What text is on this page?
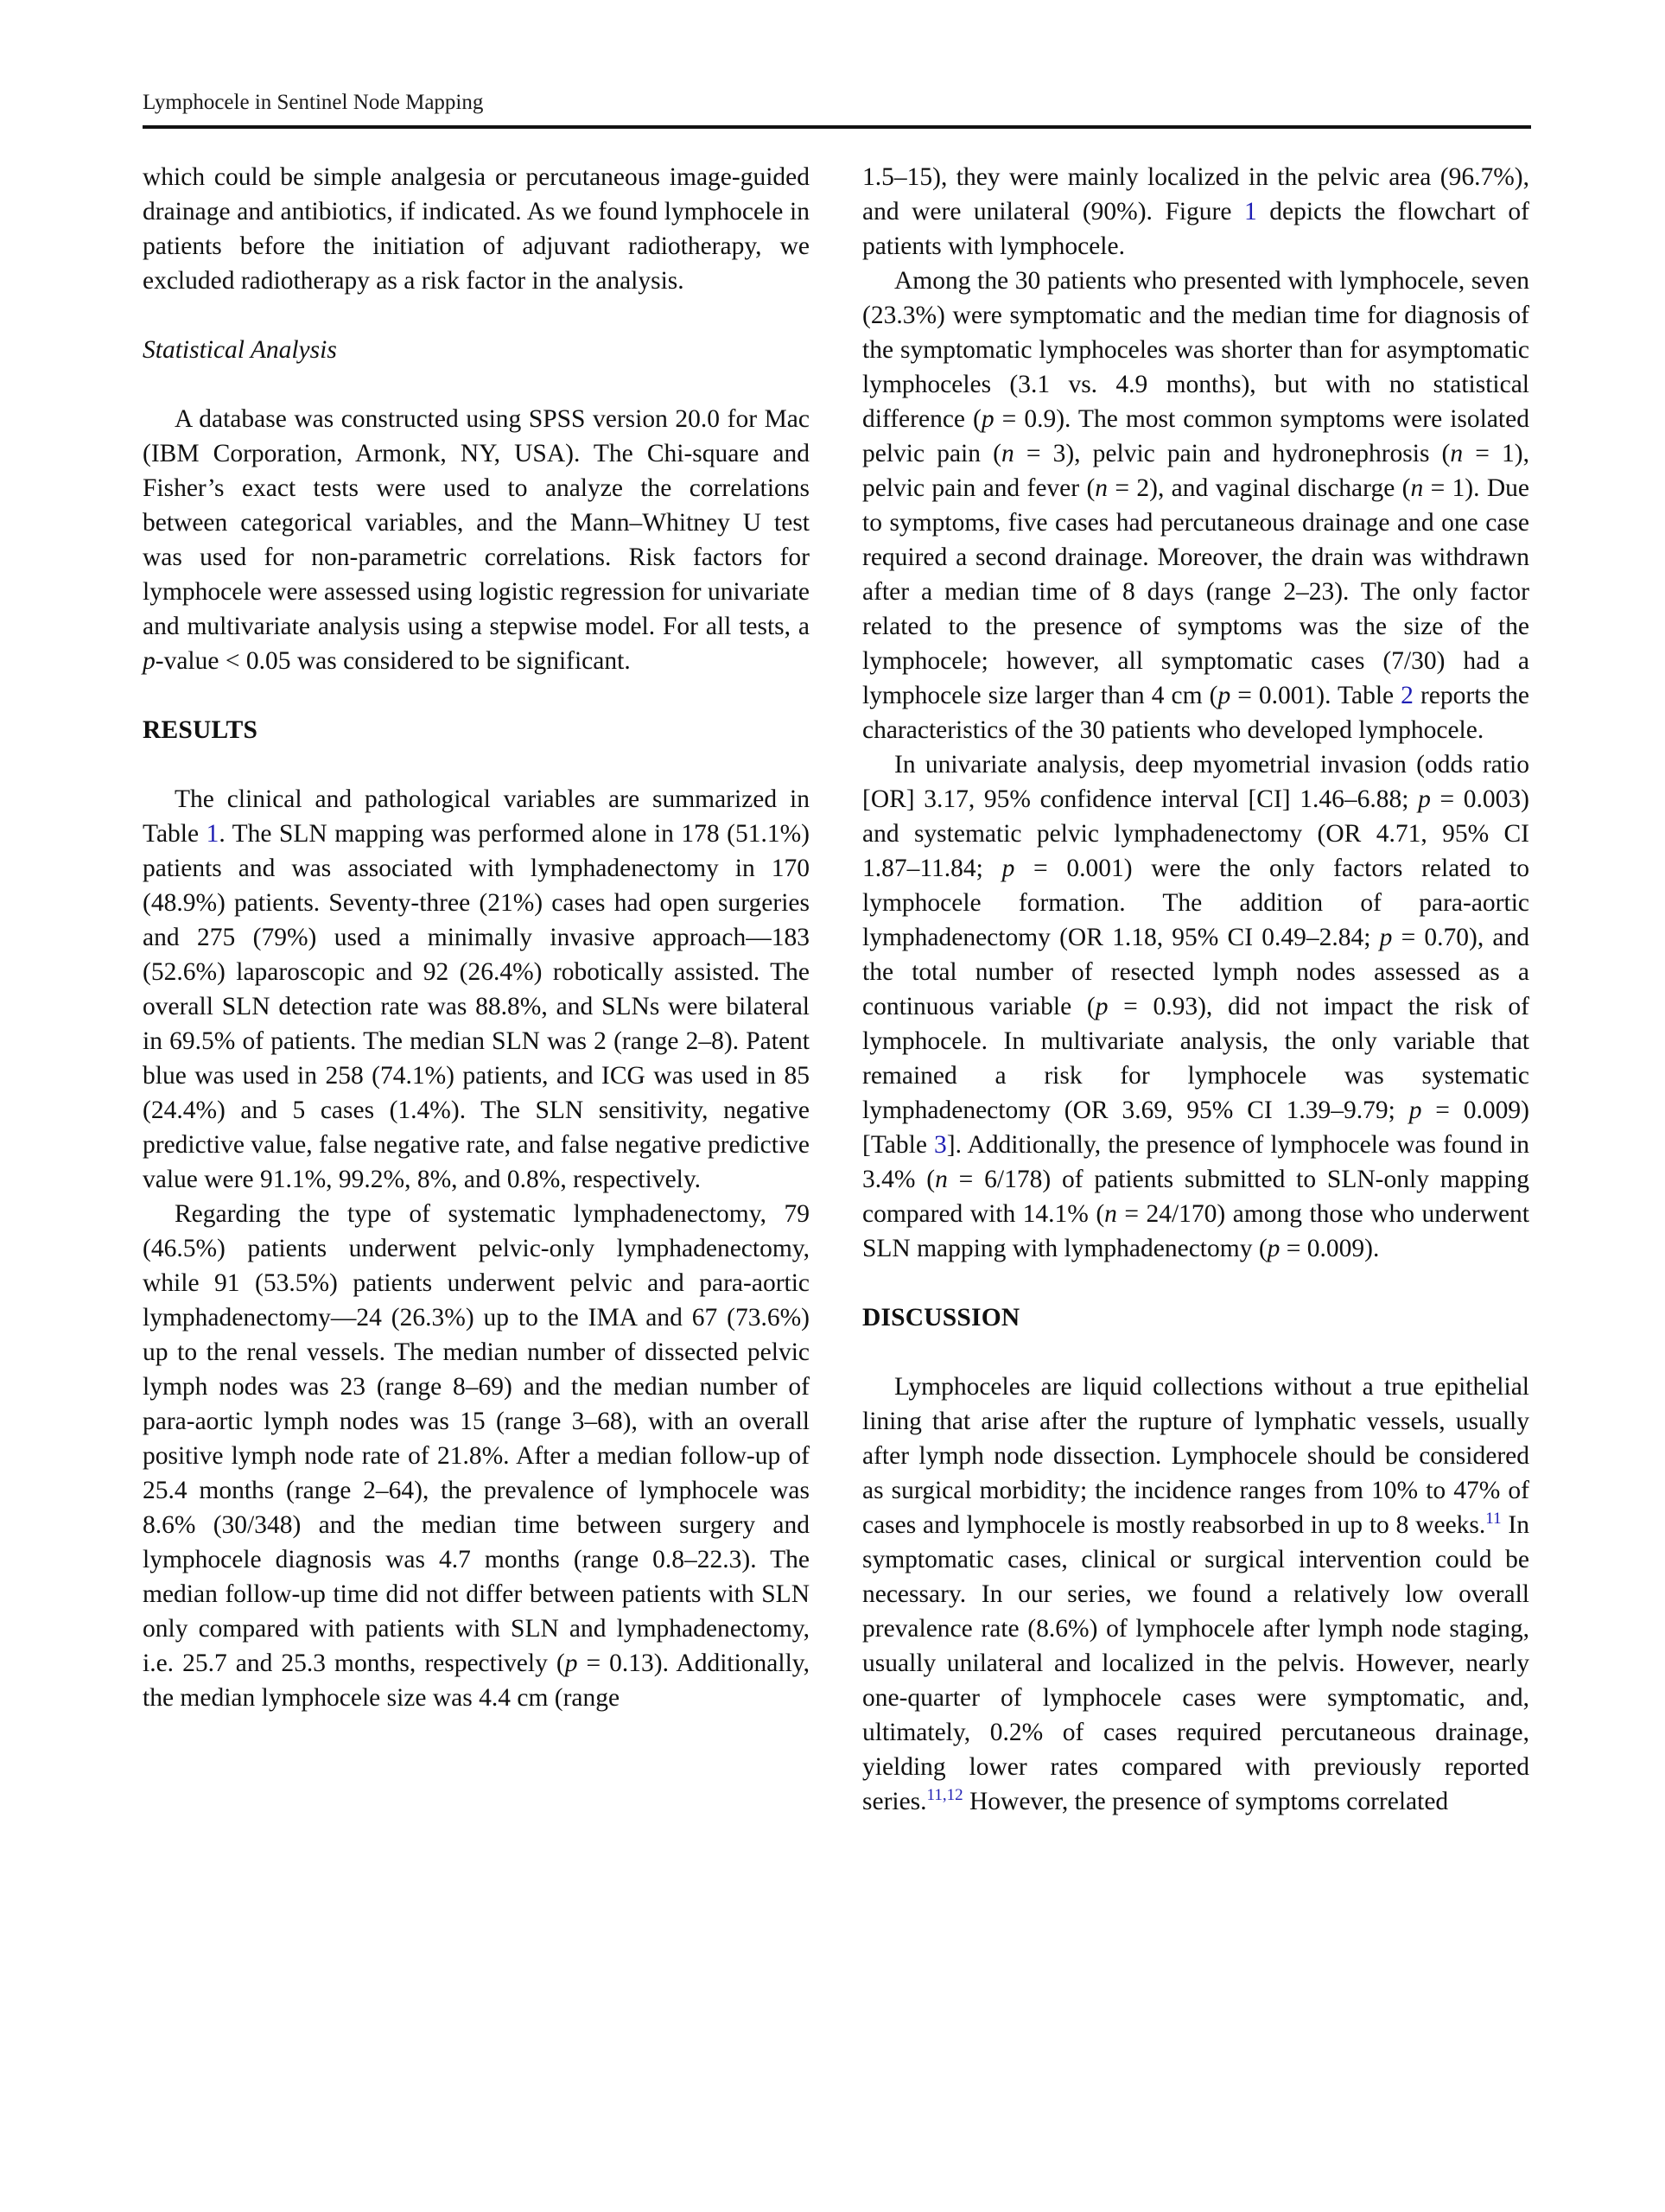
Lymphocele in Sentinel Node Mapping

which could be simple analgesia or percutaneous image-guided drainage and antibiotics, if indicated. As we found lymphocele in patients before the initiation of adjuvant radiotherapy, we excluded radiotherapy as a risk factor in the analysis.

Statistical Analysis

A database was constructed using SPSS version 20.0 for Mac (IBM Corporation, Armonk, NY, USA). The Chi-square and Fisher’s exact tests were used to analyze the correlations between categorical variables, and the Mann–Whitney U test was used for non-parametric correlations. Risk factors for lymphocele were assessed using logistic regression for univariate and multivariate analysis using a stepwise model. For all tests, a p-value < 0.05 was considered to be significant.

RESULTS

The clinical and pathological variables are summarized in Table 1. The SLN mapping was performed alone in 178 (51.1%) patients and was associated with lymphadenectomy in 170 (48.9%) patients. Seventy-three (21%) cases had open surgeries and 275 (79%) used a minimally invasive approach—183 (52.6%) laparoscopic and 92 (26.4%) robotically assisted. The overall SLN detection rate was 88.8%, and SLNs were bilateral in 69.5% of patients. The median SLN was 2 (range 2–8). Patent blue was used in 258 (74.1%) patients, and ICG was used in 85 (24.4%) and 5 cases (1.4%). The SLN sensitivity, negative predictive value, false negative rate, and false negative predictive value were 91.1%, 99.2%, 8%, and 0.8%, respectively.

Regarding the type of systematic lymphadenectomy, 79 (46.5%) patients underwent pelvic-only lymphadenectomy, while 91 (53.5%) patients underwent pelvic and para-aortic lymphadenectomy—24 (26.3%) up to the IMA and 67 (73.6%) up to the renal vessels. The median number of dissected pelvic lymph nodes was 23 (range 8–69) and the median number of para-aortic lymph nodes was 15 (range 3–68), with an overall positive lymph node rate of 21.8%. After a median follow-up of 25.4 months (range 2–64), the prevalence of lymphocele was 8.6% (30/348) and the median time between surgery and lymphocele diagnosis was 4.7 months (range 0.8–22.3). The median follow-up time did not differ between patients with SLN only compared with patients with SLN and lymphadenectomy, i.e. 25.7 and 25.3 months, respectively (p = 0.13). Additionally, the median lymphocele size was 4.4 cm (range

1.5–15), they were mainly localized in the pelvic area (96.7%), and were unilateral (90%). Figure 1 depicts the flowchart of patients with lymphocele.

Among the 30 patients who presented with lymphocele, seven (23.3%) were symptomatic and the median time for diagnosis of the symptomatic lymphoceles was shorter than for asymptomatic lymphoceles (3.1 vs. 4.9 months), but with no statistical difference (p = 0.9). The most common symptoms were isolated pelvic pain (n = 3), pelvic pain and hydronephrosis (n = 1), pelvic pain and fever (n = 2), and vaginal discharge (n = 1). Due to symptoms, five cases had percutaneous drainage and one case required a second drainage. Moreover, the drain was withdrawn after a median time of 8 days (range 2–23). The only factor related to the presence of symptoms was the size of the lymphocele; however, all symptomatic cases (7/30) had a lymphocele size larger than 4 cm (p = 0.001). Table 2 reports the characteristics of the 30 patients who developed lymphocele.

In univariate analysis, deep myometrial invasion (odds ratio [OR] 3.17, 95% confidence interval [CI] 1.46–6.88; p = 0.003) and systematic pelvic lymphadenectomy (OR 4.71, 95% CI 1.87–11.84; p = 0.001) were the only factors related to lymphocele formation. The addition of para-aortic lymphadenectomy (OR 1.18, 95% CI 0.49–2.84; p = 0.70), and the total number of resected lymph nodes assessed as a continuous variable (p = 0.93), did not impact the risk of lymphocele. In multivariate analysis, the only variable that remained a risk for lymphocele was systematic lymphadenectomy (OR 3.69, 95% CI 1.39–9.79; p = 0.009) [Table 3]. Additionally, the presence of lymphocele was found in 3.4% (n = 6/178) of patients submitted to SLN-only mapping compared with 14.1% (n = 24/170) among those who underwent SLN mapping with lymphadenectomy (p = 0.009).

DISCUSSION

Lymphoceles are liquid collections without a true epithelial lining that arise after the rupture of lymphatic vessels, usually after lymph node dissection. Lymphocele should be considered as surgical morbidity; the incidence ranges from 10% to 47% of cases and lymphocele is mostly reabsorbed in up to 8 weeks.$^{11}$ In symptomatic cases, clinical or surgical intervention could be necessary. In our series, we found a relatively low overall prevalence rate (8.6%) of lymphocele after lymph node staging, usually unilateral and localized in the pelvis. However, nearly one-quarter of lymphocele cases were symptomatic, and, ultimately, 0.2% of cases required percutaneous drainage, yielding lower rates compared with previously reported series.$^{11,12}$ However, the presence of symptoms correlated
